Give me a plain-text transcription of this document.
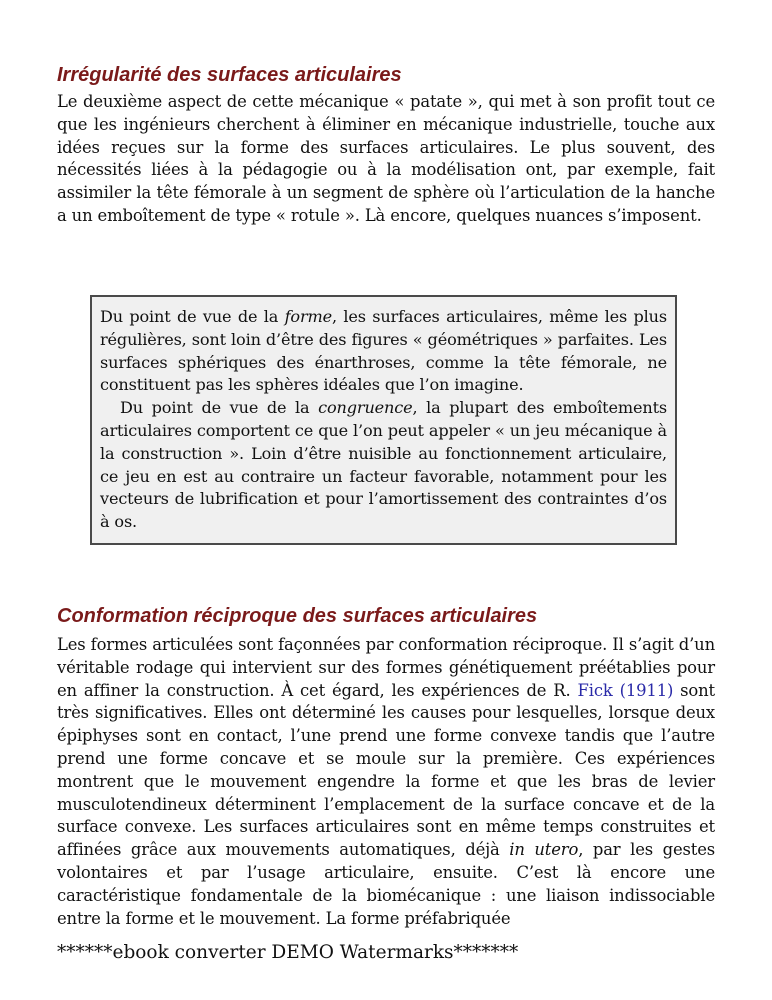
Irrégularité des surfaces articulaires

Le deuxième aspect de cette mécanique « patate », qui met à son profit tout ce que les ingénieurs cherchent à éliminer en mécanique industrielle, touche aux idées reçues sur la forme des surfaces articulaires. Le plus souvent, des nécessités liées à la pédagogie ou à la modélisation ont, par exemple, fait assimiler la tête fémorale à un segment de sphère où l’articulation de la hanche a un emboîtement de type « rotule ». Là encore, quelques nuances s’imposent.

Du point de vue de la forme, les surfaces articulaires, même les plus régulières, sont loin d’être des figures « géométriques » parfaites. Les surfaces sphériques des énarthroses, comme la tête fémorale, ne constituent pas les sphères idéales que l’on imagine.

Du point de vue de la congruence, la plupart des emboîtements articulaires comportent ce que l’on peut appeler « un jeu mécanique à la construction ». Loin d’être nuisible au fonctionnement articulaire, ce jeu en est au contraire un facteur favorable, notamment pour les vecteurs de lubrification et pour l’amortissement des contraintes d’os à os.

Conformation réciproque des surfaces articulaires

Les formes articulées sont façonnées par conformation réciproque. Il s’agit d’un véritable rodage qui intervient sur des formes génétiquement préétablies pour en affiner la construction. À cet égard, les expériences de R. Fick (1911) sont très significatives. Elles ont déterminé les causes pour lesquelles, lorsque deux épiphyses sont en contact, l’une prend une forme convexe tandis que l’autre prend une forme concave et se moule sur la première. Ces expériences montrent que le mouvement engendre la forme et que les bras de levier musculotendineux déterminent l’emplacement de la surface concave et de la surface convexe. Les surfaces articulaires sont en même temps construites et affinées grâce aux mouvements automatiques, déjà in utero, par les gestes volontaires et par l’usage articulaire, ensuite. C’est là encore une caractéristique fondamentale de la biomécanique : une liaison indissociable entre la forme et le mouvement. La forme préfabriquée

******ebook converter DEMO Watermarks*******
